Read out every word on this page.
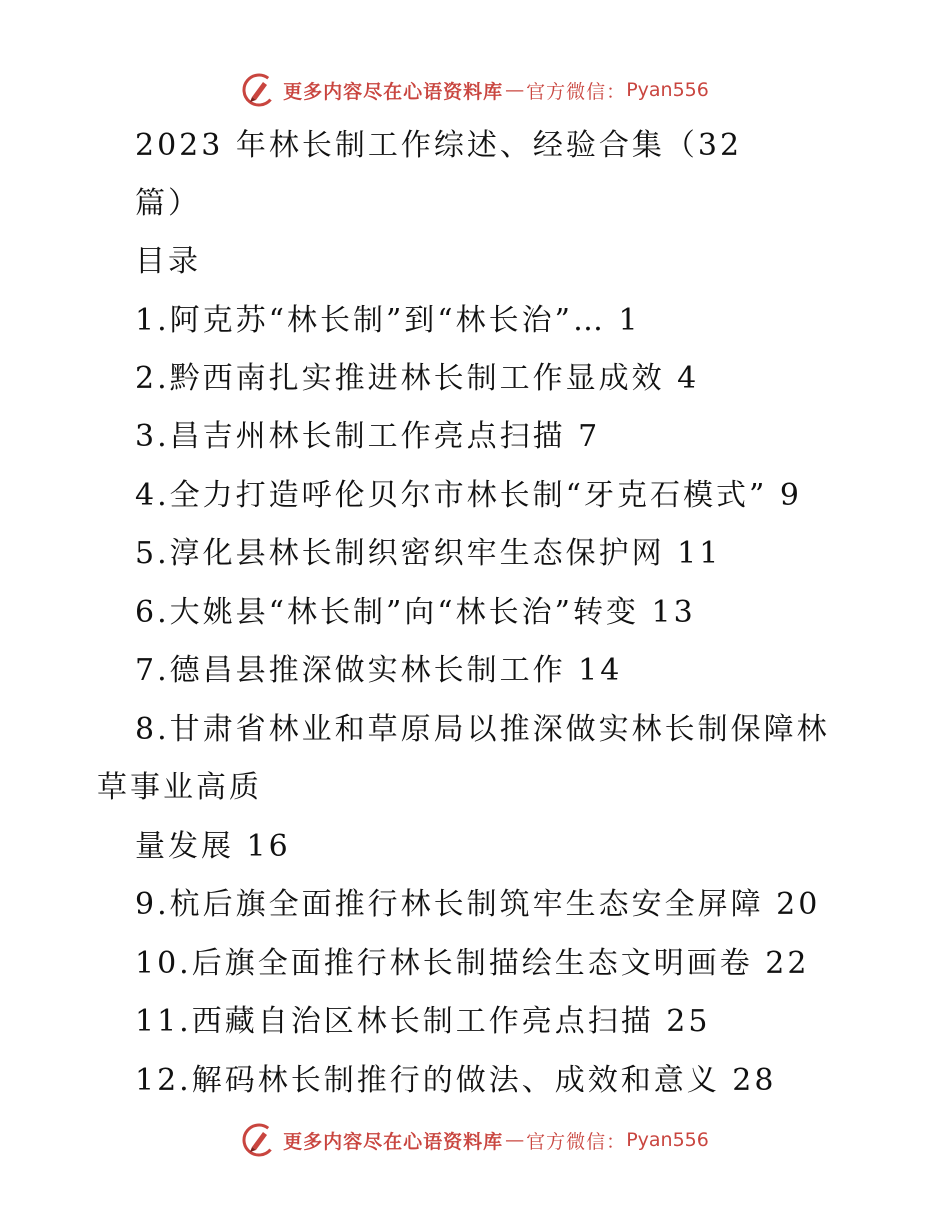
更多内容尽在心语资料库 — 官方微信： Pyan556
2023 年林长制工作综述、经验合集（32
篇）
目录
1.阿克苏“林长制”到“林长治”… 1
2.黔西南扎实推进林长制工作显成效 4
3.昌吉州林长制工作亮点扫描 7
4.全力打造呼伦贝尔市林长制“牙克石模式” 9
5.淳化县林长制织密织牢生态保护网 11
6.大姚县“林长制”向“林长治”转变 13
7.德昌县推深做实林长制工作 14
8.甘肃省林业和草原局以推深做实林长制保障林
草事业高质
量发展 16
9.杭后旗全面推行林长制筑牢生态安全屏障 20
10.后旗全面推行林长制描绘生态文明画卷 22
11.西藏自治区林长制工作亮点扫描 25
12.解码林长制推行的做法、成效和意义 28
更多内容尽在心语资料库 — 官方微信： Pyan556
